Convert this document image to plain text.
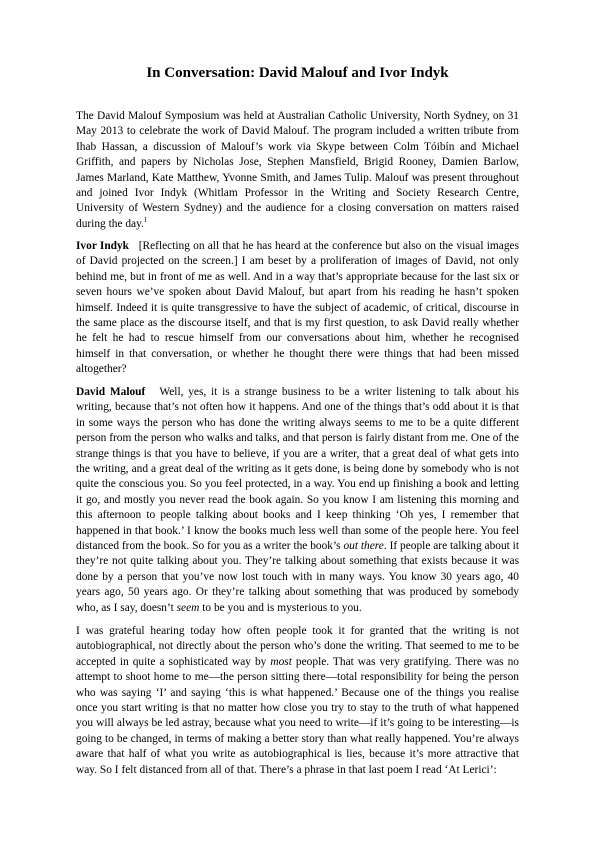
In Conversation: David Malouf and Ivor Indyk

The David Malouf Symposium was held at Australian Catholic University, North Sydney, on 31 May 2013 to celebrate the work of David Malouf. The program included a written tribute from Ihab Hassan, a discussion of Malouf’s work via Skype between Colm Tóibín and Michael Griffith, and papers by Nicholas Jose, Stephen Mansfield, Brigid Rooney, Damien Barlow, James Marland, Kate Matthew, Yvonne Smith, and James Tulip. Malouf was present throughout and joined Ivor Indyk (Whitlam Professor in the Writing and Society Research Centre, University of Western Sydney) and the audience for a closing conversation on matters raised during the day.$^1$

Ivor Indyk [Reflecting on all that he has heard at the conference but also on the visual images of David projected on the screen.] I am beset by a proliferation of images of David, not only behind me, but in front of me as well. And in a way that’s appropriate because for the last six or seven hours we’ve spoken about David Malouf, but apart from his reading he hasn’t spoken himself. Indeed it is quite transgressive to have the subject of academic, of critical, discourse in the same place as the discourse itself, and that is my first question, to ask David really whether he felt he had to rescue himself from our conversations about him, whether he recognised himself in that conversation, or whether he thought there were things that had been missed altogether?

David Malouf Well, yes, it is a strange business to be a writer listening to talk about his writing, because that’s not often how it happens. And one of the things that’s odd about it is that in some ways the person who has done the writing always seems to me to be a quite different person from the person who walks and talks, and that person is fairly distant from me. One of the strange things is that you have to believe, if you are a writer, that a great deal of what gets into the writing, and a great deal of the writing as it gets done, is being done by somebody who is not quite the conscious you. So you feel protected, in a way. You end up finishing a book and letting it go, and mostly you never read the book again. So you know I am listening this morning and this afternoon to people talking about books and I keep thinking ‘Oh yes, I remember that happened in that book.’ I know the books much less well than some of the people here. You feel distanced from the book. So for you as a writer the book’s out there. If people are talking about it they’re not quite talking about you. They’re talking about something that exists because it was done by a person that you’ve now lost touch with in many ways. You know 30 years ago, 40 years ago, 50 years ago. Or they’re talking about something that was produced by somebody who, as I say, doesn’t seem to be you and is mysterious to you.

I was grateful hearing today how often people took it for granted that the writing is not autobiographical, not directly about the person who’s done the writing. That seemed to me to be accepted in quite a sophisticated way by most people. That was very gratifying. There was no attempt to shoot home to me—the person sitting there—total responsibility for being the person who was saying ‘I’ and saying ‘this is what happened.’ Because one of the things you realise once you start writing is that no matter how close you try to stay to the truth of what happened you will always be led astray, because what you need to write—if it’s going to be interesting—is going to be changed, in terms of making a better story than what really happened. You’re always aware that half of what you write as autobiographical is lies, because it’s more attractive that way. So I felt distanced from all of that. There’s a phrase in that last poem I read ‘At Lerici’:
